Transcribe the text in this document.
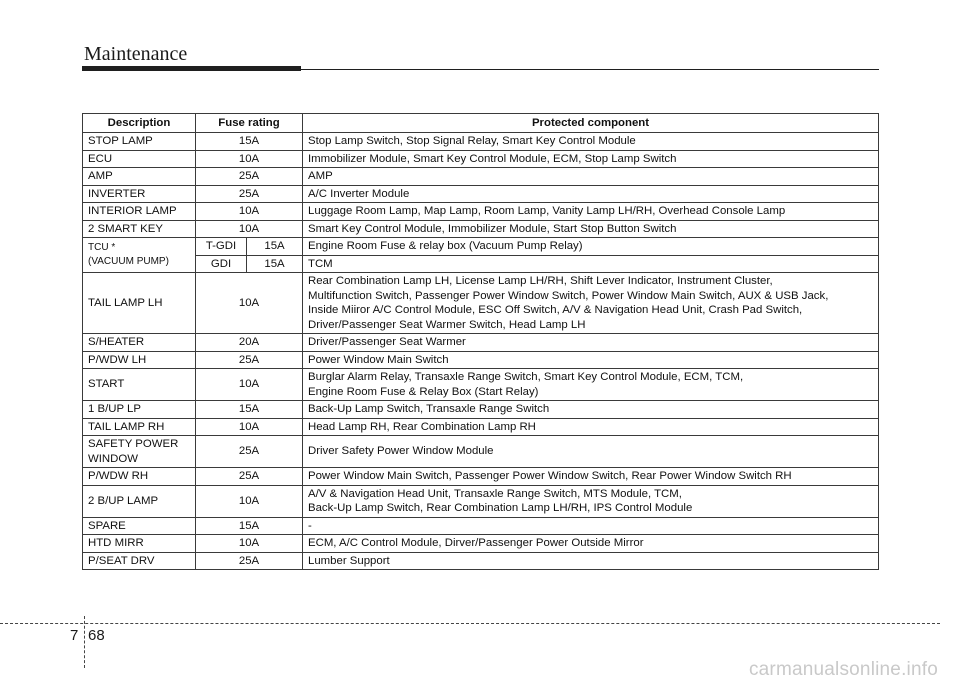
Maintenance
Description	Fuse rating		Protected component
STOP LAMP	15A		Stop Lamp Switch, Stop Signal Relay, Smart Key Control Module
ECU	10A		Immobilizer Module, Smart Key Control Module, ECM, Stop Lamp Switch
AMP	25A		AMP
INVERTER	25A		A/C Inverter Module
INTERIOR LAMP	10A		Luggage Room Lamp, Map Lamp, Room Lamp, Vanity Lamp LH/RH, Overhead Console Lamp
2 SMART KEY	10A		Smart Key Control Module, Immobilizer Module, Start Stop Button Switch

TCU *
(VACUUM PUMP)	T-GDI	15A	Engine Room Fuse & relay box (Vacuum Pump Relay)
	GDI	15A	TCM
TAIL LAMP LH	10A		Rear Combination Lamp LH, License Lamp LH/RH, Shift Lever Indicator, Instrument Cluster,
Multifunction Switch, Passenger Power Window Switch, Power Window Main Switch, AUX & USB Jack,
Inside Miiror A/C Control Module, ESC Off Switch, A/V & Navigation Head Unit, Crash Pad Switch,
Driver/Passenger Seat Warmer Switch, Head Lamp LH

S/HEATER	20A		Driver/Passenger Seat Warmer
P/WDW LH	25A		Power Window Main Switch
START	10A		Burglar Alarm Relay, Transaxle Range Switch, Smart Key Control Module, ECM, TCM,
Engine Room Fuse & Relay Box (Start Relay)

1 B/UP LP	15A		Back-Up Lamp Switch, Transaxle Range Switch
TAIL LAMP RH	10A		Head Lamp RH, Rear Combination Lamp RH

SAFETY POWER
WINDOW	25A		Driver Safety Power Window Module
P/WDW RH	25A		Power Window Main Switch, Passenger Power Window Switch, Rear Power Window Switch RH
2 B/UP LAMP	10A		A/V & Navigation Head Unit, Transaxle Range Switch, MTS Module, TCM,
Back-Up Lamp Switch, Rear Combination Lamp LH/RH, IPS Control Module

SPARE	15A		-
HTD MIRR	10A		ECM, A/C Control Module, Dirver/Passenger Power Outside Mirror
P/SEAT DRV	25A		Lumber Support
7 68
carmanualsonline.info
